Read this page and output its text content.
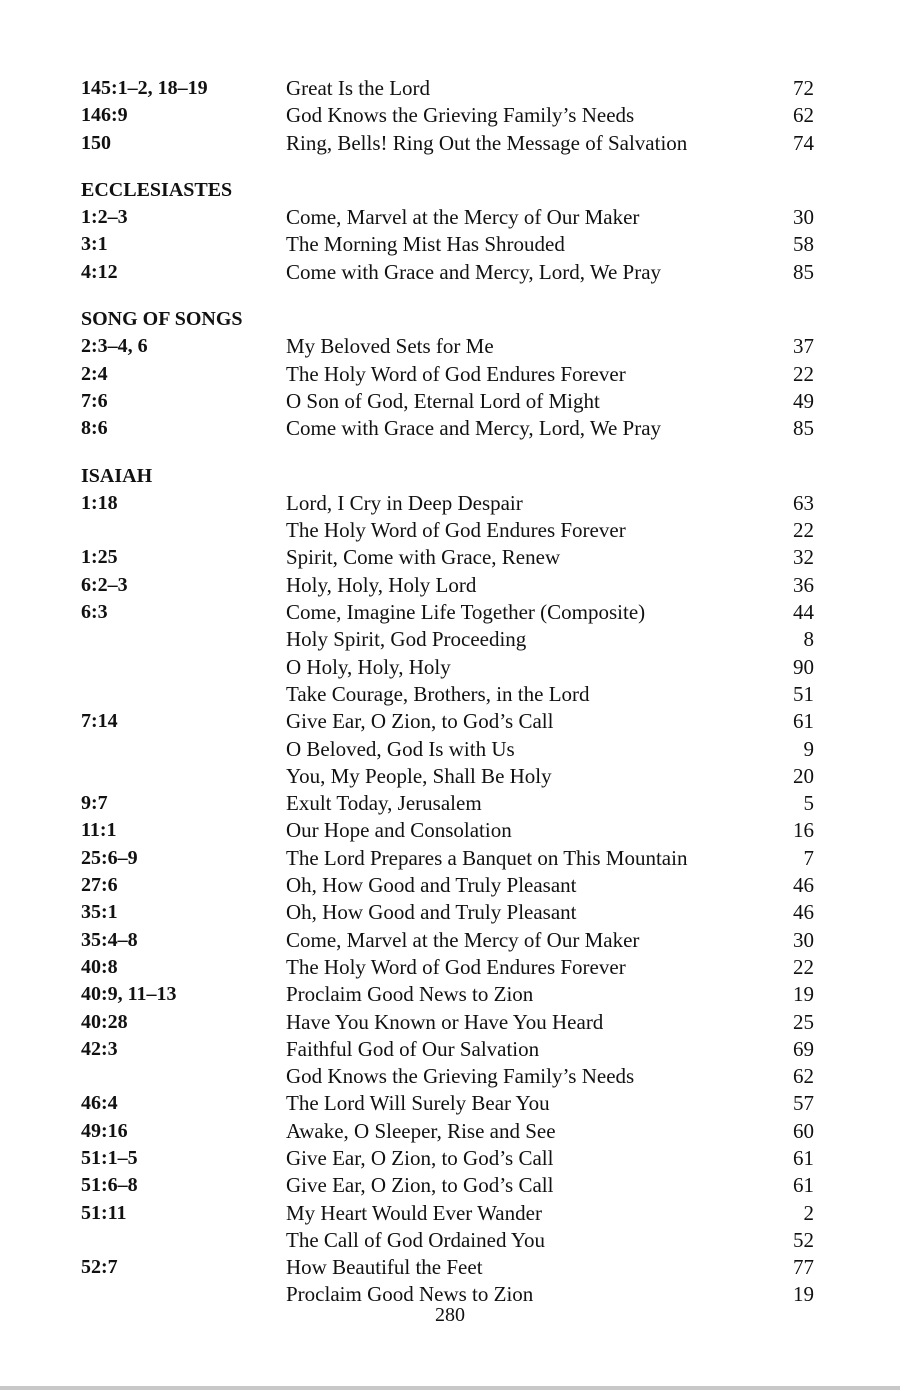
145:1–2, 18–19	Great Is the Lord	72
146:9	God Knows the Grieving Family’s Needs	62
150	Ring, Bells! Ring Out the Message of Salvation	74
ECCLESIASTES
1:2–3	Come, Marvel at the Mercy of Our Maker	30
3:1	The Morning Mist Has Shrouded	58
4:12	Come with Grace and Mercy, Lord, We Pray	85
SONG OF SONGS
2:3–4, 6	My Beloved Sets for Me	37
2:4	The Holy Word of God Endures Forever	22
7:6	O Son of God, Eternal Lord of Might	49
8:6	Come with Grace and Mercy, Lord, We Pray	85
ISAIAH
1:18	Lord, I Cry in Deep Despair	63
The Holy Word of God Endures Forever	22
1:25	Spirit, Come with Grace, Renew	32
6:2–3	Holy, Holy, Holy Lord	36
6:3	Come, Imagine Life Together (Composite)	44
Holy Spirit, God Proceeding	8
O Holy, Holy, Holy	90
Take Courage, Brothers, in the Lord	51
7:14	Give Ear, O Zion, to God’s Call	61
O Beloved, God Is with Us	9
You, My People, Shall Be Holy	20
9:7	Exult Today, Jerusalem	5
11:1	Our Hope and Consolation	16
25:6–9	The Lord Prepares a Banquet on This Mountain	7
27:6	Oh, How Good and Truly Pleasant	46
35:1	Oh, How Good and Truly Pleasant	46
35:4–8	Come, Marvel at the Mercy of Our Maker	30
40:8	The Holy Word of God Endures Forever	22
40:9, 11–13	Proclaim Good News to Zion	19
40:28	Have You Known or Have You Heard	25
42:3	Faithful God of Our Salvation	69
God Knows the Grieving Family’s Needs	62
46:4	The Lord Will Surely Bear You	57
49:16	Awake, O Sleeper, Rise and See	60
51:1–5	Give Ear, O Zion, to God’s Call	61
51:6–8	Give Ear, O Zion, to God’s Call	61
51:11	My Heart Would Ever Wander	2
The Call of God Ordained You	52
52:7	How Beautiful the Feet	77
Proclaim Good News to Zion	19
280
